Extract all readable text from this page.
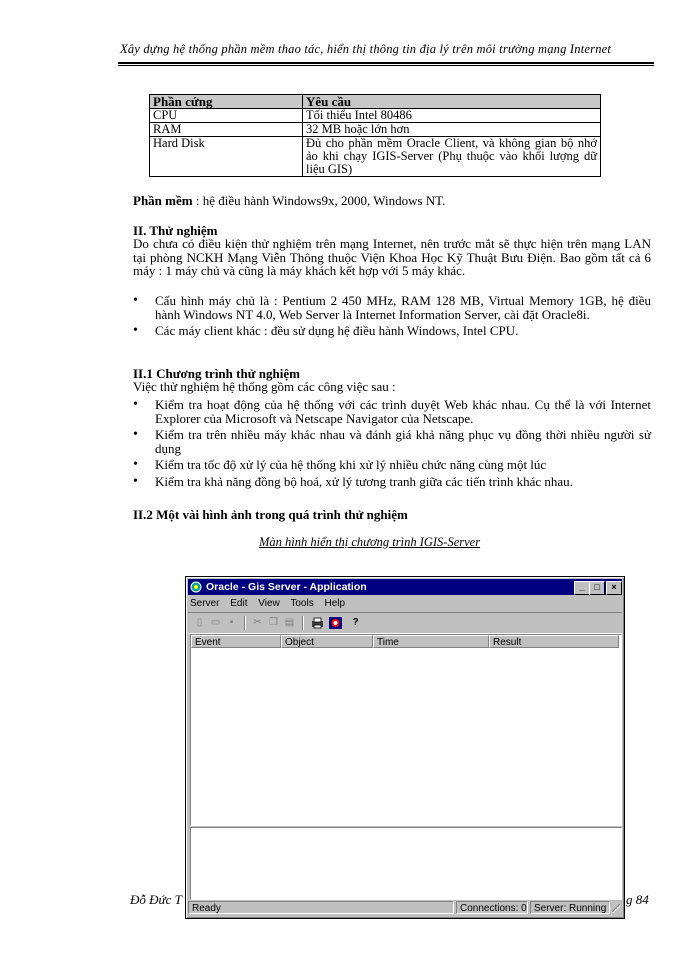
Xây dựng hệ thống phần mềm thao tác, hiển thị thông tin địa lý trên môi trường mạng Internet
Phần cứng	Yêu cầu
CPU	Tối thiểu Intel 80486
RAM	32 MB hoặc lớn hơn
Hard Disk	Đủ cho phần mềm Oracle Client, và không gian bộ nhớ ảo khi chạy IGIS-Server (Phụ thuộc vào khối lượng dữ liệu GIS)
Phần mềm : hệ điều hành Windows9x, 2000, Windows NT.
II. Thử nghiệm
Do chưa có điều kiện thử nghiệm trên mạng Internet, nên trước mắt sẽ thực hiện trên mạng LAN tại phòng NCKH Mạng Viễn Thông thuộc Viện Khoa Học Kỹ Thuật Bưu Điện. Bao gồm tất cả 6 máy : 1 máy chủ và cũng là máy khách kết hợp với 5 máy khác.
• Cấu hình máy chủ là : Pentium 2 450 MHz, RAM 128 MB, Virtual Memory 1GB, hệ điều hành Windows NT 4.0, Web Server là Internet Information Server, cài đặt Oracle8i.
• Các máy client khác : đều sử dụng hệ điều hành Windows, Intel CPU.
II.1 Chương trình thử nghiệm
Việc thử nghiệm hệ thống gồm các công việc sau :
• Kiểm tra hoạt động của hệ thống với các trình duyệt Web khác nhau. Cụ thể là với Internet Explorer của Microsoft và Netscape Navigator của Netscape.
• Kiểm tra trên nhiều máy khác nhau và đánh giá khả năng phục vụ đồng thời nhiều người sử dụng
• Kiểm tra tốc độ xử lý của hệ thống khi xử lý nhiều chức năng cùng một lúc
• Kiểm tra khả năng đồng bộ hoá, xử lý tương tranh giữa các tiến trình khác nhau.
II.2 Một vài hình ảnh trong quá trình thử nghiệm
Màn hình hiển thị chương trình IGIS-Server
Đỗ Đức T	g 84
Oracle - Gis Server - Application	_	□	×
Server Edit View Tools Help
▯ ▭ ▪	✂ ❐ ▤	?
Event	Object	Time	Result
Ready	Connections: 0 Server: Running
